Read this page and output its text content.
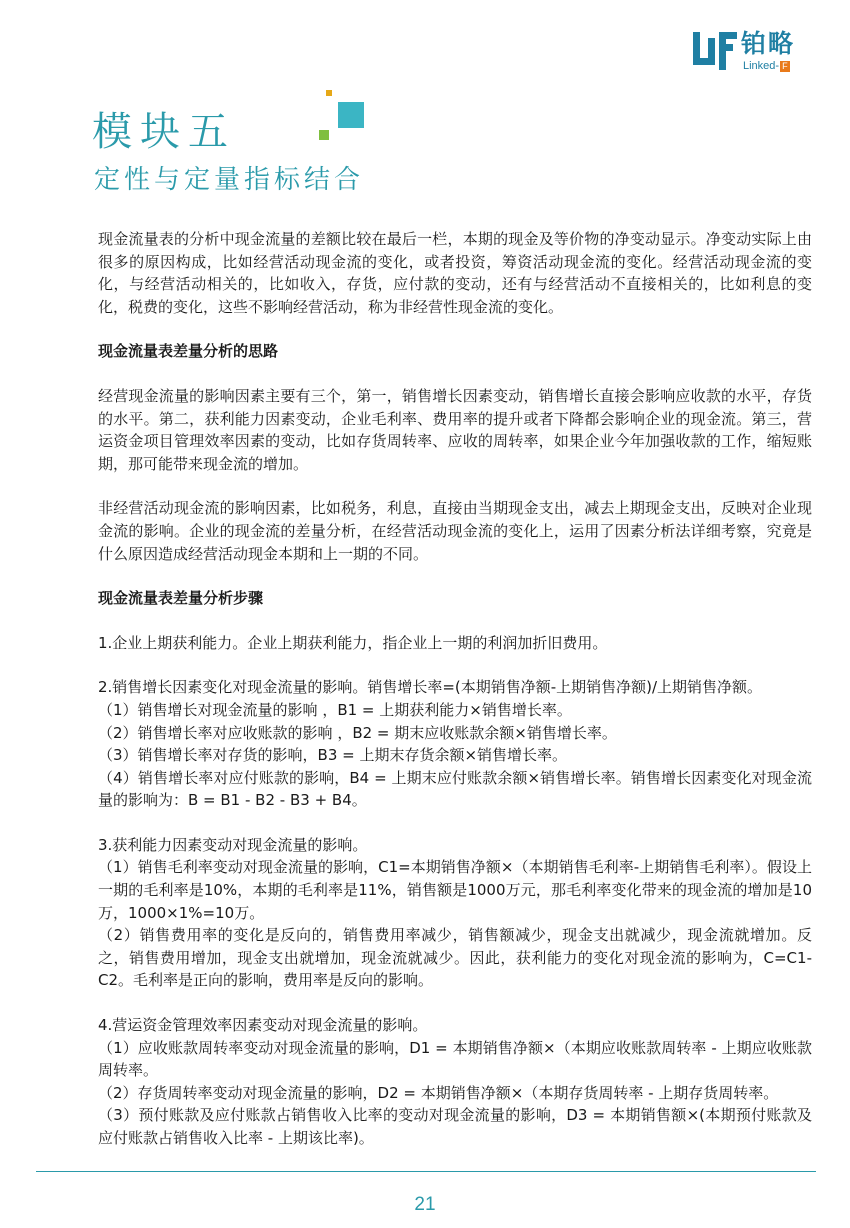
铂略
Linked- F
模块五
定性与定量指标结合

现金流量表的分析中现金流量的差额比较在最后一栏，本期的现金及等价物的净变动显示。净变动实际上由很多的原因构成，比如经营活动现金流的变化，或者投资，筹资活动现金流的变化。经营活动现金流的变化，与经营活动相关的，比如收入，存货，应付款的变动，还有与经营活动不直接相关的，比如利息的变化，税费的变化，这些不影响经营活动，称为非经营性现金流的变化。

现金流量表差量分析的思路

经营现金流量的影响因素主要有三个，第一，销售增长因素变动，销售增长直接会影响应收款的水平，存货的水平。第二，获利能力因素变动，企业毛利率、费用率的提升或者下降都会影响企业的现金流。第三，营运资金项目管理效率因素的变动，比如存货周转率、应收的周转率，如果企业今年加强收款的工作，缩短账期，那可能带来现金流的增加。

非经营活动现金流的影响因素，比如税务，利息，直接由当期现金支出，减去上期现金支出，反映对企业现金流的影响。企业的现金流的差量分析，在经营活动现金流的变化上，运用了因素分析法详细考察，究竟是什么原因造成经营活动现金本期和上一期的不同。

现金流量表差量分析步骤

1.企业上期获利能力。企业上期获利能力，指企业上一期的利润加折旧费用。

2.销售增长因素变化对现金流量的影响。销售增长率=(本期销售净额-上期销售净额)/上期销售净额。

（1）销售增长对现金流量的影响 ，B1 = 上期获利能力×销售增长率。

（2）销售增长率对应收账款的影响 ，B2 = 期末应收账款余额×销售增长率。

（3）销售增长率对存货的影响，B3 = 上期末存货余额×销售增长率。

（4）销售增长率对应付账款的影响，B4 = 上期末应付账款余额×销售增长率。销售增长因素变化对现金流量的影响为：B = B1 - B2 - B3 + B4。

3.获利能力因素变动对现金流量的影响。

（1）销售毛利率变动对现金流量的影响，C1=本期销售净额×（本期销售毛利率-上期销售毛利率）。假设上一期的毛利率是10%，本期的毛利率是11%，销售额是1000万元，那毛利率变化带来的现金流的增加是10万，1000×1%=10万。

（2）销售费用率的变化是反向的，销售费用率减少，销售额减少，现金支出就减少，现金流就增加。反之，销售费用增加，现金支出就增加，现金流就减少。因此，获利能力的变化对现金流的影响为，C=C1-C2。毛利率是正向的影响，费用率是反向的影响。

4.营运资金管理效率因素变动对现金流量的影响。

（1）应收账款周转率变动对现金流量的影响，D1 = 本期销售净额×（本期应收账款周转率 - 上期应收账款周转率。

（2）存货周转率变动对现金流量的影响，D2 = 本期销售净额×（本期存货周转率 - 上期存货周转率。

（3）预付账款及应付账款占销售收入比率的变动对现金流量的影响，D3 = 本期销售额×(本期预付账款及应付账款占销售收入比率 - 上期该比率)。

21
